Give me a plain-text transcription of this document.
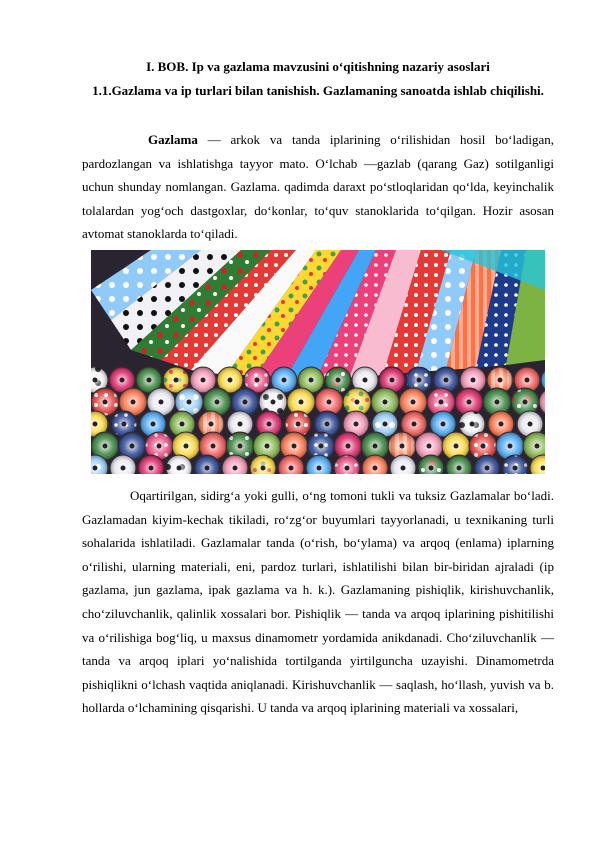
I. BOB. Ip va gazlama mavzusini o‘qitishning nazariy asoslari
1.1.Gazlama va ip turlari bilan tanishish. Gazlamaning sanoatda ishlab chiqilishi.

Gazlama — arkok va tanda iplarining o‘rilishidan hosil bo‘ladigan, pardozlangan va ishlatishga tayyor mato. O‘lchab —gazlab (qarang Gaz) sotilganligi uchun shunday nomlangan. Gazlama. qadimda daraxt po‘stloqlaridan qo‘lda, keyinchalik tolalardan yog‘och dastgoxlar, do‘konlar, to‘quv stanoklarida to‘qilgan. Hozir asosan avtomat stanoklarda to‘qiladi.

Oqartirilgan, sidirg‘a yoki gulli, o‘ng tomoni tukli va tuksiz Gazlamalar bo‘ladi. Gazlamadan kiyim-kechak tikiladi, ro‘zg‘or buyumlari tayyorlanadi, u texnikaning turli sohalarida ishlatiladi. Gazlamalar tanda (o‘rish, bo‘ylama) va arqoq (enlama) iplarning o‘rilishi, ularning materiali, eni, pardoz turlari, ishlatilishi bilan bir-biridan ajraladi (ip gazlama, jun gazlama, ipak gazlama va h. k.). Gazlamaning pishiqlik, kirishuvchanlik, cho‘ziluvchanlik, qalinlik xossalari bor. Pishiqlik — tanda va arqoq iplarining pishitilishi va o‘rilishiga bog‘liq, u maxsus dinamometr yordamida anikdanadi. Cho‘ziluvchanlik — tanda va arqoq iplari yo‘nalishida tortilganda yirtilguncha uzayishi. Dinamometrda pishiqlikni o‘lchash vaqtida aniqlanadi. Kirishuvchanlik — saqlash, ho‘llash, yuvish va b. hollarda o‘lchamining qisqarishi. U tanda va arqoq iplarining materiali va xossalari,
